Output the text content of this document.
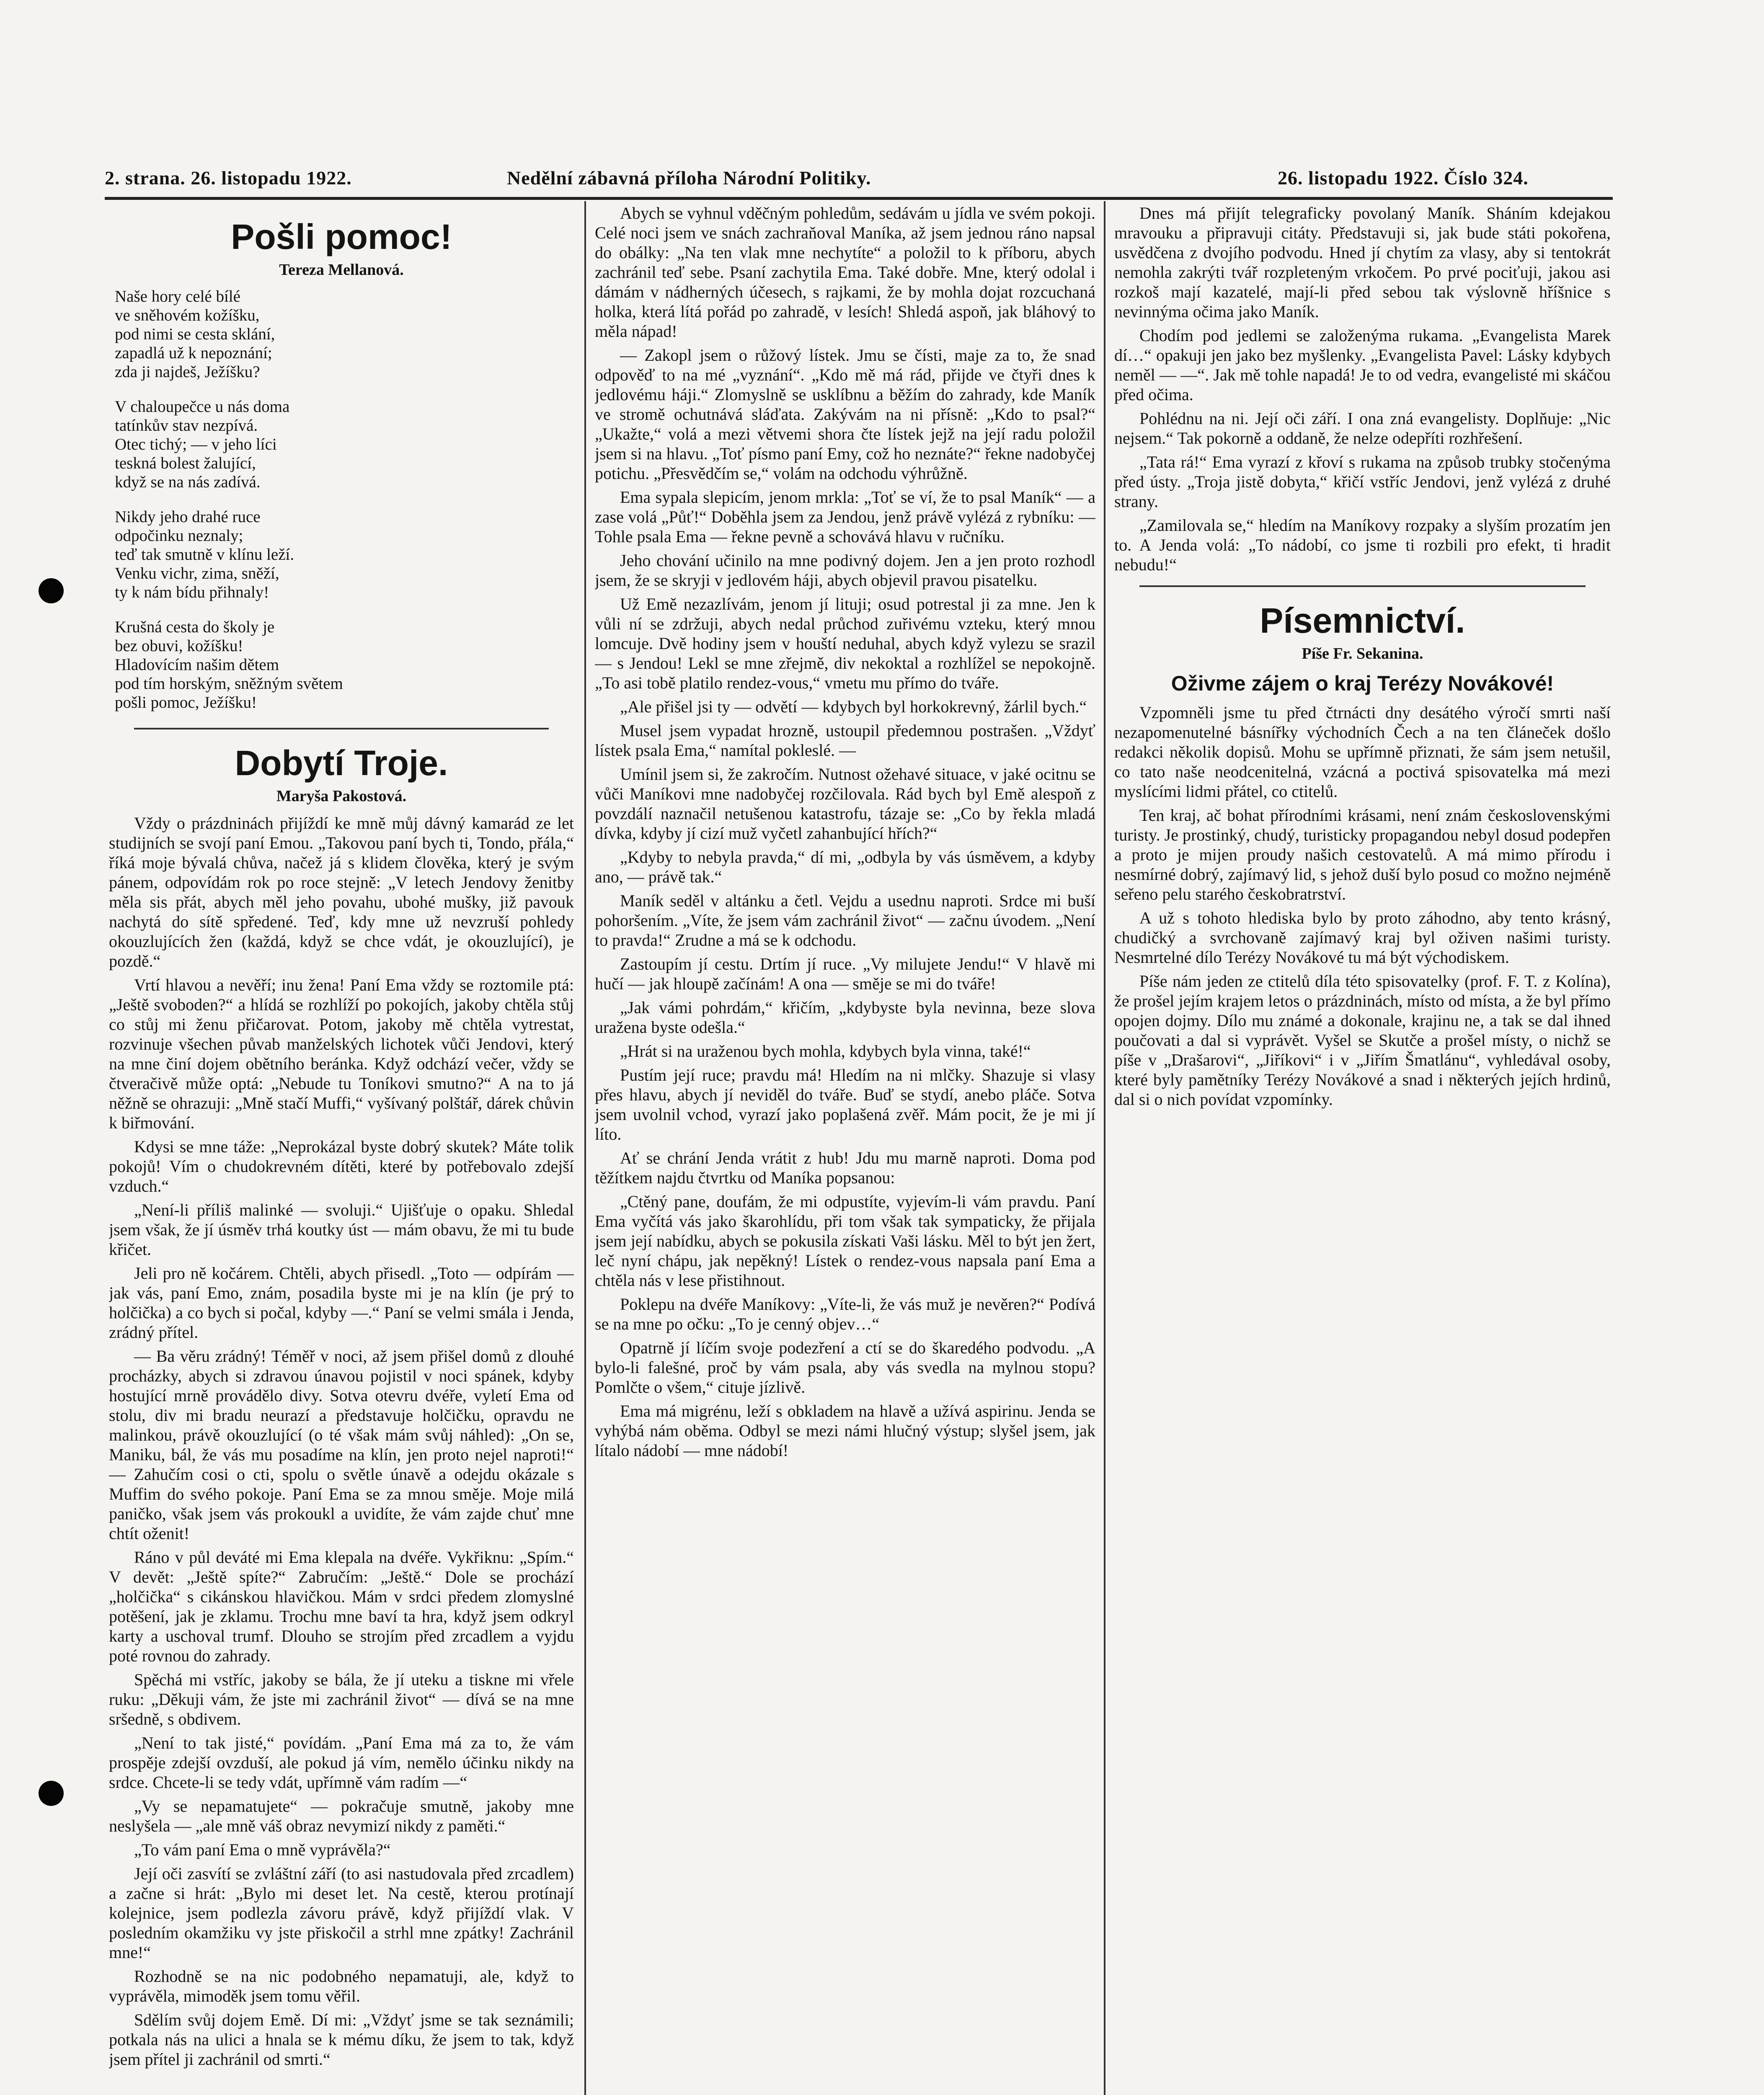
2. strana. 26. listopadu 1922.	Nedělní zábavná příloha Národní Politiky.	26. listopadu 1922. Číslo 324.
Pošli pomoc!
Tereza Mellanová.
Naše hory celé bílé
ve sněhovém kožíšku,
pod nimi se cesta sklání,
zapadlá už k nepoznání;
zda ji najdeš, Ježíšku?
V chaloupečce u nás doma
tatínkův stav nezpívá.
Otec tichý; — v jeho líci
teskná bolest žalující,
když se na nás zadívá.
Nikdy jeho drahé ruce
odpočinku neznaly;
teď tak smutně v klínu leží.
Venku vichr, zima, sněží,
ty k nám bídu přihnaly!
Krušná cesta do školy je
bez obuvi, kožíšku!
Hladovícím našim dětem
pod tím horským, sněžným světem
pošli pomoc, Ježíšku!
Dobytí Troje.
Maryša Pakostová.

Vždy o prázdninách přijíždí ke mně můj dávný kamarád ze let studijních se svojí paní Emou. „Takovou paní bych ti, Tondo, přála,“ říká moje bývalá chůva, načež já s klidem člověka, který je svým pánem, odpovídám rok po roce stejně: „V letech Jendovy ženitby měla sis přát, abych měl jeho povahu, ubohé mušky, již pavouk nachytá do sítě spředené. Teď, kdy mne už nevzruší pohledy okouzlujících žen (každá, když se chce vdát, je okouzlující), je pozdě.“

Vrtí hlavou a nevěří; inu žena! Paní Ema vždy se roztomile ptá: „Ještě svoboden?“ a hlídá se rozhlíží po pokojích, jakoby chtěla stůj co stůj mi ženu přičarovat. Potom, jakoby mě chtěla vytrestat, rozvinuje všechen půvab manželských lichotek vůči Jendovi, který na mne činí dojem obětního beránka. Když odchází večer, vždy se čtveračivě může optá: „Nebude tu Toníkovi smutno?“ A na to já něžně se ohrazuji: „Mně stačí Muffi,“ vyšívaný polštář, dárek chůvin k biřmování.

Kdysi se mne táže: „Neprokázal byste dobrý skutek? Máte tolik pokojů! Vím o chudokrevném dítěti, které by potřebovalo zdejší vzduch.“

„Není-li příliš malinké — svoluji.“ Ujišťuje o opaku. Shledal jsem však, že jí úsměv trhá koutky úst — mám obavu, že mi tu bude křičet.

Jeli pro ně kočárem. Chtěli, abych přisedl. „Toto — odpírám — jak vás, paní Emo, znám, posadila byste mi je na klín (je prý to holčička) a co bych si počal, kdyby —.“ Paní se velmi smála i Jenda, zrádný přítel.

— Ba věru zrádný! Téměř v noci, až jsem přišel domů z dlouhé procházky, abych si zdravou únavou pojistil v noci spánek, kdyby hostující mrně provádělo divy. Sotva otevru dvéře, vyletí Ema od stolu, div mi bradu neurazí a představuje holčičku, opravdu ne malinkou, právě okouzlující (o té však mám svůj náhled): „On se, Maniku, bál, že vás mu posadíme na klín, jen proto nejel naproti!“ — Zahučím cosi o cti, spolu o světle únavě a odejdu okázale s Muffim do svého pokoje. Paní Ema se za mnou směje. Moje milá paničko, však jsem vás prokoukl a uvidíte, že vám zajde chuť mne chtít oženit!

Ráno v půl deváté mi Ema klepala na dvéře. Vykřiknu: „Spím.“ V devět: „Ještě spíte?“ Zabručím: „Ještě.“ Dole se prochází „holčička“ s cikánskou hlavičkou. Mám v srdci předem zlomyslné potěšení, jak je zklamu. Trochu mne baví ta hra, když jsem odkryl karty a uschoval trumf. Dlouho se strojím před zrcadlem a vyjdu poté rovnou do zahrady.

Spěchá mi vstříc, jakoby se bála, že jí uteku a tiskne mi vřele ruku: „Děkuji vám, že jste mi zachránil život“ — dívá se na mne sršedně, s obdivem.

„Není to tak jisté,“ povídám. „Paní Ema má za to, že vám prospěje zdejší ovzduší, ale pokud já vím, nemělo účinku nikdy na srdce. Chcete-li se tedy vdát, upřímně vám radím —“

„Vy se nepamatujete“ — pokračuje smutně, jakoby mne neslyšela — „ale mně váš obraz nevymizí nikdy z paměti.“

„To vám paní Ema o mně vyprávěla?“

Její oči zasvítí se zvláštní září (to asi nastudovala před zrcadlem) a začne si hrát: „Bylo mi deset let. Na cestě, kterou protínají kolejnice, jsem podlezla závoru právě, když přijíždí vlak. V posledním okamžiku vy jste přiskočil a strhl mne zpátky! Zachránil mne!“

Rozhodně se na nic podobného nepamatuji, ale, když to vyprávěla, mimoděk jsem tomu věřil.

Sdělím svůj dojem Emě. Dí mi: „Vždyť jsme se tak seznámili; potkala nás na ulici a hnala se k mému díku, že jsem to tak, když jsem přítel ji zachránil od smrti.“

Abych se vyhnul vděčným pohledům, sedávám u jídla ve svém pokoji. Celé noci jsem ve snách zachraňoval Maníka, až jsem jednou ráno napsal do obálky: „Na ten vlak mne nechytíte“ a položil to k příboru, abych zachránil teď sebe. Psaní zachytila Ema. Také dobře. Mne, který odolal i dámám v nádherných účesech, s rajkami, že by mohla dojat rozcuchaná holka, která lítá pořád po zahradě, v lesích! Shledá aspoň, jak bláhový to měla nápad!

— Zakopl jsem o růžový lístek. Jmu se čísti, maje za to, že snad odpověď to na mé „vyznání“. „Kdo mě má rád, přijde ve čtyři dnes k jedlovému háji.“ Zlomyslně se usklíbnu a běžím do zahrady, kde Maník ve stromě ochutnává sláďata. Zakývám na ni přísně: „Kdo to psal?“ „Ukažte,“ volá a mezi větvemi shora čte lístek jejž na její radu položil jsem si na hlavu. „Toť písmo paní Emy, což ho neznáte?“ řekne nadobyčej potichu. „Přesvědčím se,“ volám na odchodu výhrůžně.

Ema sypala slepicím, jenom mrkla: „Toť se ví, že to psal Maník“ — a zase volá „Půť!“ Doběhla jsem za Jendou, jenž právě vylézá z rybníku: — Tohle psala Ema — řekne pevně a schovává hlavu v ručníku.

Jeho chování učinilo na mne podivný dojem. Jen a jen proto rozhodl jsem, že se skryji v jedlovém háji, abych objevil pravou pisatelku.

Už Emě nezazlívám, jenom jí lituji; osud potrestal ji za mne. Jen k vůli ní se zdržuji, abych nedal průchod zuřivému vzteku, který mnou lomcuje. Dvě hodiny jsem v houští neduhal, abych když vylezu se srazil — s Jendou! Lekl se mne zřejmě, div nekoktal a rozhlížel se nepokojně. „To asi tobě platilo rendez-vous,“ vmetu mu přímo do tváře.

„Ale přišel jsi ty — odvětí — kdybych byl horkokrevný, žárlil bych.“

Musel jsem vypadat hrozně, ustoupil předemnou postrašen. „Vždyť lístek psala Ema,“ namítal pokleslé. —

Umínil jsem si, že zakročím. Nutnost ožehavé situace, v jaké ocitnu se vůči Maníkovi mne nadobyčej rozčilovala. Rád bych byl Emě alespoň z povzdálí naznačil netušenou katastrofu, tázaje se: „Co by řekla mladá dívka, kdyby jí cizí muž vyčetl zahanbující hřích?“

„Kdyby to nebyla pravda,“ dí mi, „odbyla by vás úsměvem, a kdyby ano, — právě tak.“

Maník seděl v altánku a četl. Vejdu a usednu naproti. Srdce mi buší pohoršením. „Víte, že jsem vám zachránil život“ — začnu úvodem. „Není to pravda!“ Zrudne a má se k odchodu.

Zastoupím jí cestu. Drtím jí ruce. „Vy milujete Jendu!“ V hlavě mi hučí — jak hloupě začínám! A ona — směje se mi do tváře!

„Jak vámi pohrdám,“ křičím, „kdybyste byla nevinna, beze slova uražena byste odešla.“

„Hrát si na uraženou bych mohla, kdybych byla vinna, také!“

Pustím její ruce; pravdu má! Hledím na ni mlčky. Shazuje si vlasy přes hlavu, abych jí neviděl do tváře. Buď se stydí, anebo pláče. Sotva jsem uvolnil vchod, vyrazí jako poplašená zvěř. Mám pocit, že je mi jí líto.

Ať se chrání Jenda vrátit z hub! Jdu mu marně naproti. Doma pod těžítkem najdu čtvrtku od Maníka popsanou:

„Ctěný pane, doufám, že mi odpustíte, vyjevím-li vám pravdu. Paní Ema vyčítá vás jako škarohlídu, při tom však tak sympaticky, že přijala jsem její nabídku, abych se pokusila získati Vaši lásku. Měl to být jen žert, leč nyní chápu, jak nepěkný! Lístek o rendez-vous napsala paní Ema a chtěla nás v lese přistihnout.

Poklepu na dvéře Maníkovy: „Víte-li, že vás muž je nevěren?“ Podívá se na mne po očku: „To je cenný objev…“

Opatrně jí líčím svoje podezření a ctí se do škaredého podvodu. „A bylo-li falešné, proč by vám psala, aby vás svedla na mylnou stopu? Pomlčte o všem,“ cituje jízlivě.

Ema má migrénu, leží s obkladem na hlavě a užívá aspirinu. Jenda se vyhýbá nám oběma. Odbyl se mezi námi hlučný výstup; slyšel jsem, jak lítalo nádobí — mne nádobí!

Dnes má přijít telegraficky povolaný Maník. Sháním kdejakou mravouku a připravuji citáty. Představuji si, jak bude státi pokořena, usvědčena z dvojího podvodu. Hned jí chytím za vlasy, aby si tentokrát nemohla zakrýti tvář rozpleteným vrkočem. Po prvé pociťuji, jakou asi rozkoš mají kazatelé, mají-li před sebou tak výslovně hříšnice s nevinnýma očima jako Maník.

Chodím pod jedlemi se založenýma rukama. „Evangelista Marek dí…“ opakuji jen jako bez myšlenky. „Evangelista Pavel: Lásky kdybych neměl — —“. Jak mě tohle napadá! Je to od vedra, evangelisté mi skáčou před očima.

Pohlédnu na ni. Její oči září. I ona zná evangelisty. Doplňuje: „Nic nejsem.“ Tak pokorně a oddaně, že nelze odepříti rozhřešení.

„Tata rá!“ Ema vyrazí z křoví s rukama na způsob trubky stočenýma před ústy. „Troja jistě dobyta,“ křičí vstříc Jendovi, jenž vylézá z druhé strany.

„Zamilovala se,“ hledím na Maníkovy rozpaky a slyším prozatím jen to. A Jenda volá: „To nádobí, co jsme ti rozbili pro efekt, ti hradit nebudu!“

Písemnictví.
Píše Fr. Sekanina.
Oživme zájem o kraj Terézy Novákové!

Vzpomněli jsme tu před čtrnácti dny desátého výročí smrti naší nezapomenutelné básnířky východních Čech a na ten článeček došlo redakci několik dopisů. Mohu se upřímně přiznati, že sám jsem netušil, co tato naše neodcenitelná, vzácná a poctivá spisovatelka má mezi myslícími lidmi přátel, co ctitelů.

Ten kraj, ač bohat přírodními krásami, není znám československými turisty. Je prostinký, chudý, turisticky propagandou nebyl dosud podepřen a proto je mijen proudy našich cestovatelů. A má mimo přírodu i nesmírné dobrý, zajímavý lid, s jehož duší bylo posud co možno nejméně seřeno pelu starého českobratrství.

A už s tohoto hlediska bylo by proto záhodno, aby tento krásný, chudičký a svrchovaně zajímavý kraj byl oživen našimi turisty. Nesmrtelné dílo Terézy Novákové tu má být východiskem.

Píše nám jeden ze ctitelů díla této spisovatelky (prof. F. T. z Kolína), že prošel jejím krajem letos o prázdninách, místo od místa, a že byl přímo opojen dojmy. Dílo mu známé a dokonale, krajinu ne, a tak se dal ihned poučovati a dal si vyprávět. Vyšel se Skutče a prošel místy, o nichž se píše v „Drašarovi“, „Jiříkovi“ i v „Jiřím Šmatlánu“, vyhledával osoby, které byly pamětníky Terézy Novákové a snad i některých jejích hrdinů, dal si o nich povídat vzpomínky.
